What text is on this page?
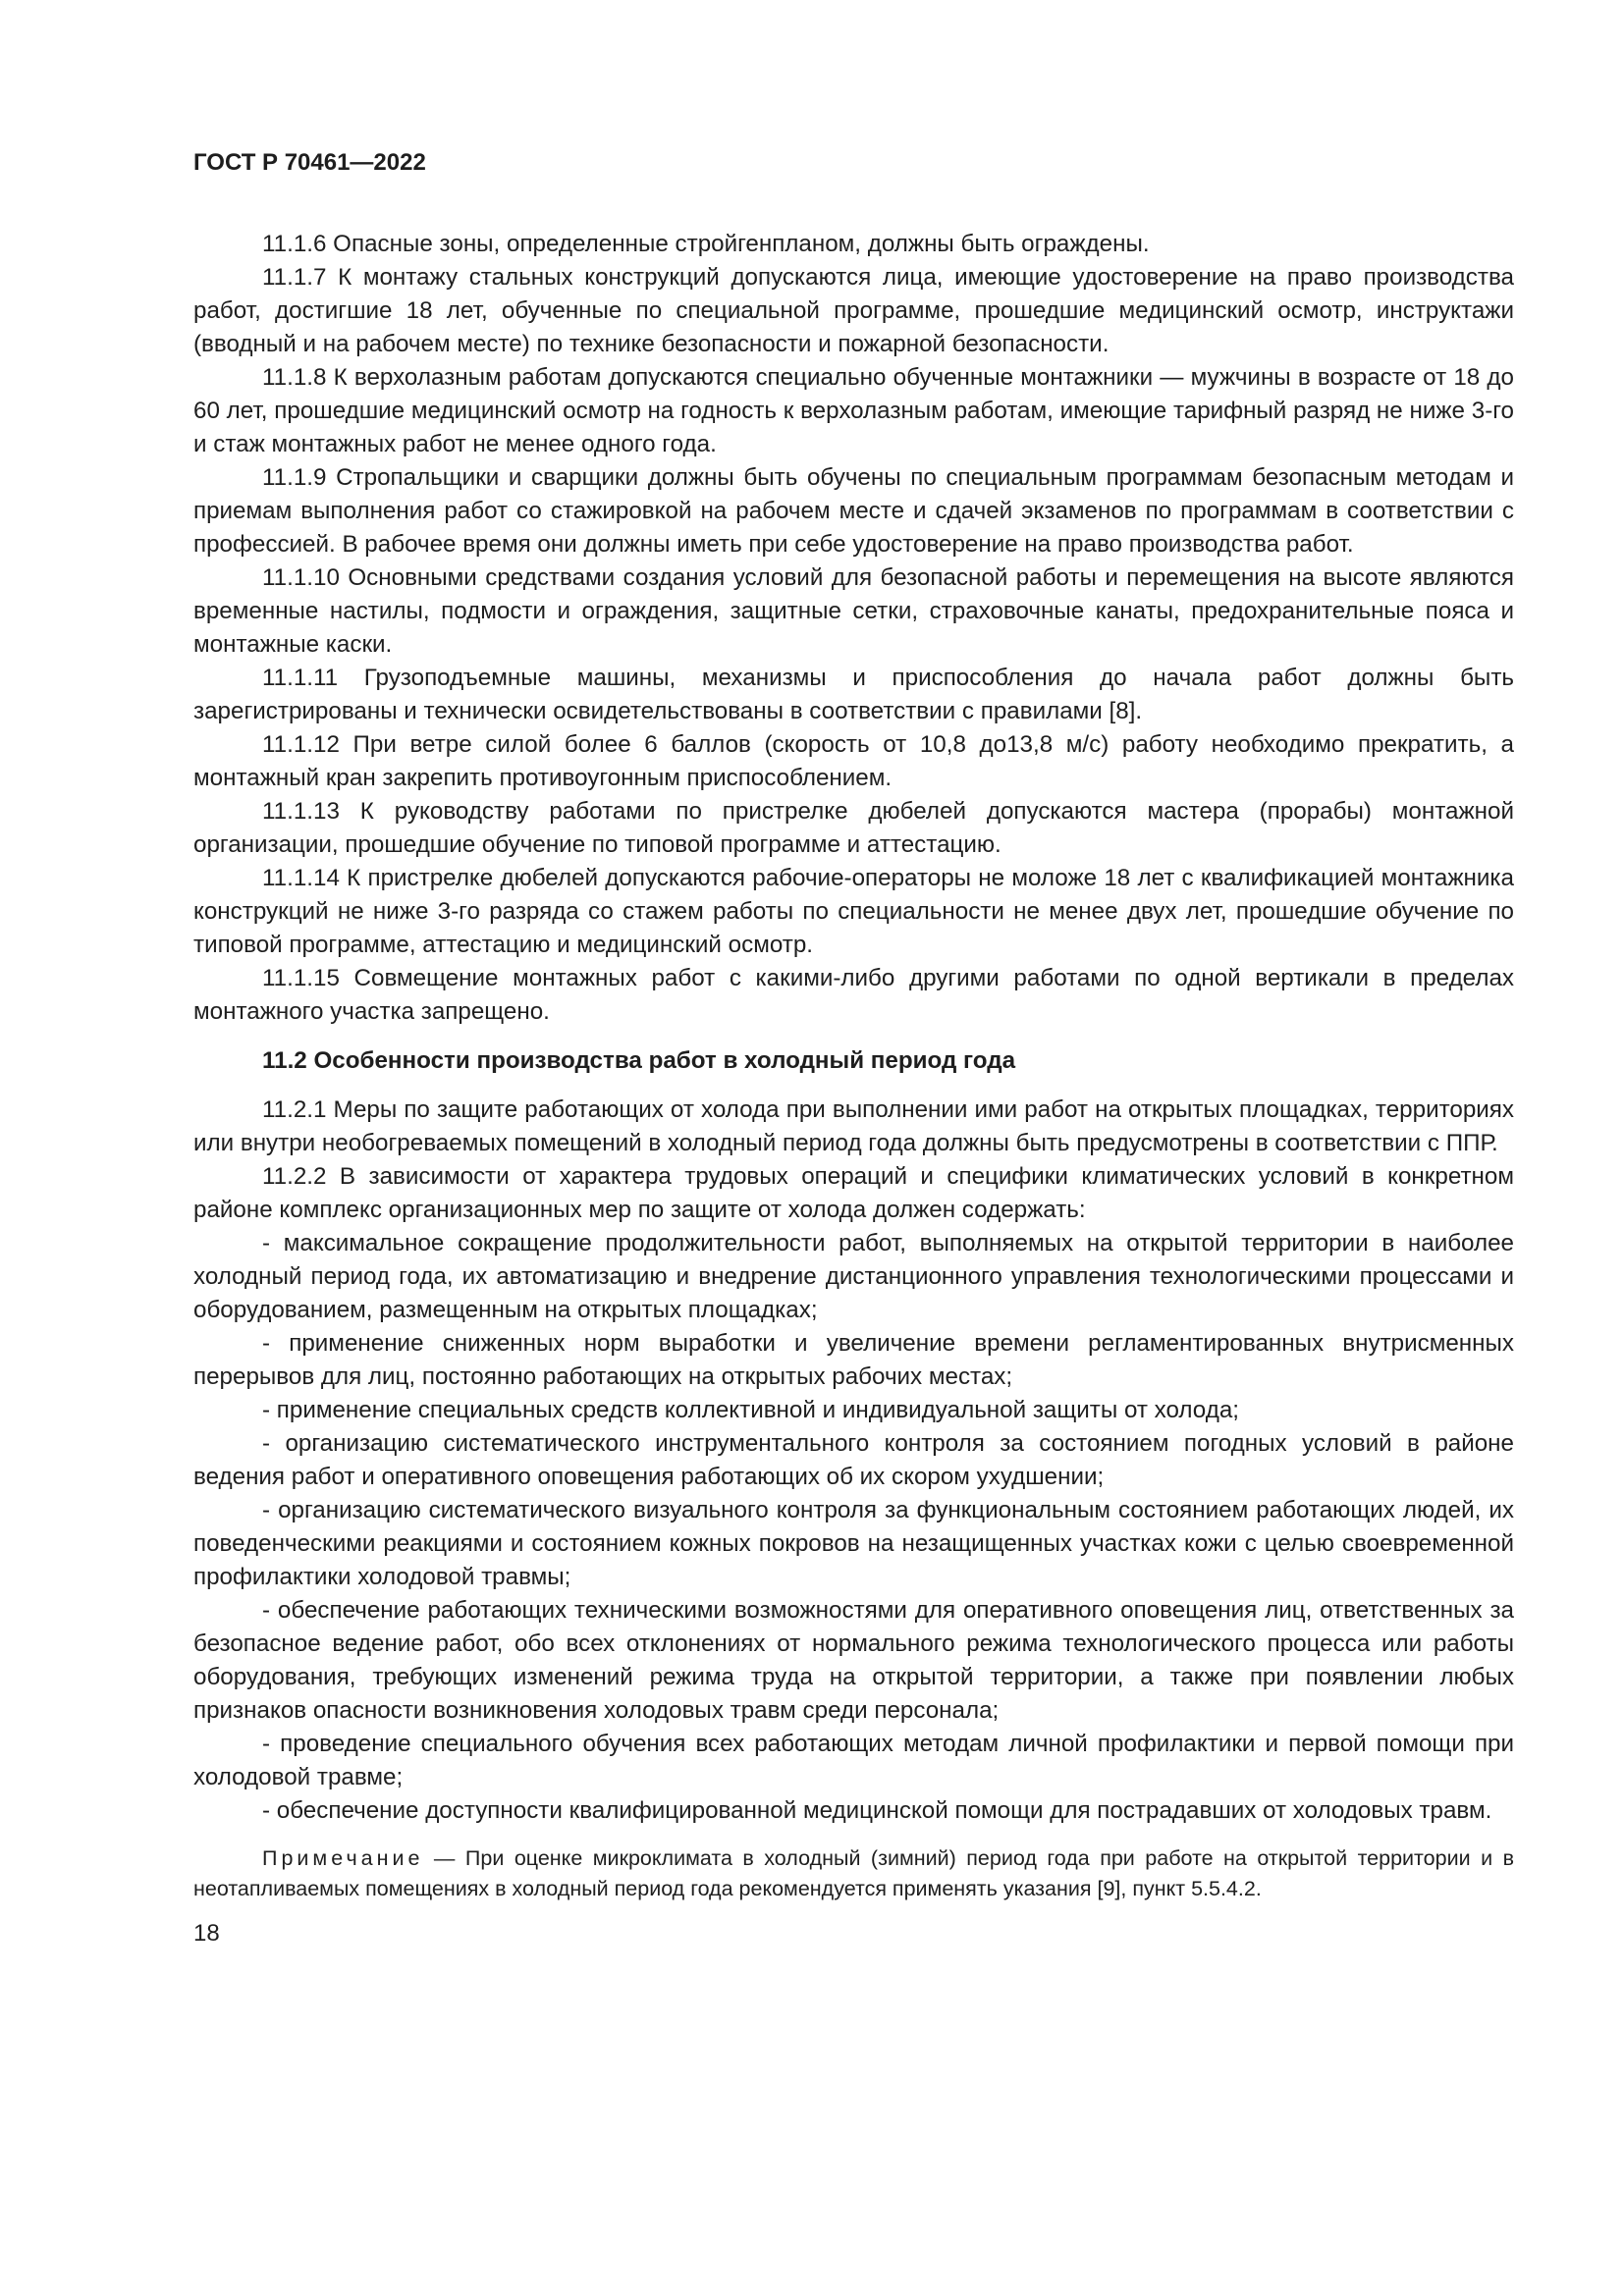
ГОСТ Р 70461—2022

11.1.6 Опасные зоны, определенные стройгенпланом, должны быть ограждены.

11.1.7 К монтажу стальных конструкций допускаются лица, имеющие удостоверение на право производства работ, достигшие 18 лет, обученные по специальной программе, прошедшие медицинский осмотр, инструктажи (вводный и на рабочем месте) по технике безопасности и пожарной безопасности.

11.1.8 К верхолазным работам допускаются специально обученные монтажники — мужчины в возрасте от 18 до 60 лет, прошедшие медицинский осмотр на годность к верхолазным работам, имеющие тарифный разряд не ниже 3-го и стаж монтажных работ не менее одного года.

11.1.9 Стропальщики и сварщики должны быть обучены по специальным программам безопасным методам и приемам выполнения работ со стажировкой на рабочем месте и сдачей экзаменов по программам в соответствии с профессией. В рабочее время они должны иметь при себе удостоверение на право производства работ.

11.1.10 Основными средствами создания условий для безопасной работы и перемещения на высоте являются временные настилы, подмости и ограждения, защитные сетки, страховочные канаты, предохранительные пояса и монтажные каски.

11.1.11 Грузоподъемные машины, механизмы и приспособления до начала работ должны быть зарегистрированы и технически освидетельствованы в соответствии с правилами [8].

11.1.12 При ветре силой более 6 баллов (скорость от 10,8 до13,8 м/с) работу необходимо прекратить, а монтажный кран закрепить противоугонным приспособлением.

11.1.13 К руководству работами по пристрелке дюбелей допускаются мастера (прорабы) монтажной организации, прошедшие обучение по типовой программе и аттестацию.

11.1.14 К пристрелке дюбелей допускаются рабочие-операторы не моложе 18 лет с квалификацией монтажника конструкций не ниже 3-го разряда со стажем работы по специальности не менее двух лет, прошедшие обучение по типовой программе, аттестацию и медицинский осмотр.

11.1.15 Совмещение монтажных работ с какими-либо другими работами по одной вертикали в пределах монтажного участка запрещено.

11.2 Особенности производства работ в холодный период года

11.2.1 Меры по защите работающих от холода при выполнении ими работ на открытых площадках, территориях или внутри необогреваемых помещений в холодный период года должны быть предусмотрены в соответствии с ППР.

11.2.2 В зависимости от характера трудовых операций и специфики климатических условий в конкретном районе комплекс организационных мер по защите от холода должен содержать:

- максимальное сокращение продолжительности работ, выполняемых на открытой территории в наиболее холодный период года, их автоматизацию и внедрение дистанционного управления технологическими процессами и оборудованием, размещенным на открытых площадках;

- применение сниженных норм выработки и увеличение времени регламентированных внутрисменных перерывов для лиц, постоянно работающих на открытых рабочих местах;

- применение специальных средств коллективной и индивидуальной защиты от холода;

- организацию систематического инструментального контроля за состоянием погодных условий в районе ведения работ и оперативного оповещения работающих об их скором ухудшении;

- организацию систематического визуального контроля за функциональным состоянием работающих людей, их поведенческими реакциями и состоянием кожных покровов на незащищенных участках кожи с целью своевременной профилактики холодовой травмы;

- обеспечение работающих техническими возможностями для оперативного оповещения лиц, ответственных за безопасное ведение работ, обо всех отклонениях от нормального режима технологического процесса или работы оборудования, требующих изменений режима труда на открытой территории, а также при появлении любых признаков опасности возникновения холодовых травм среди персонала;

- проведение специального обучения всех работающих методам личной профилактики и первой помощи при холодовой травме;

- обеспечение доступности квалифицированной медицинской помощи для пострадавших от холодовых травм.

Примечание — При оценке микроклимата в холодный (зимний) период года при работе на открытой территории и в неотапливаемых помещениях в холодный период года рекомендуется применять указания [9], пункт 5.5.4.2.

18
